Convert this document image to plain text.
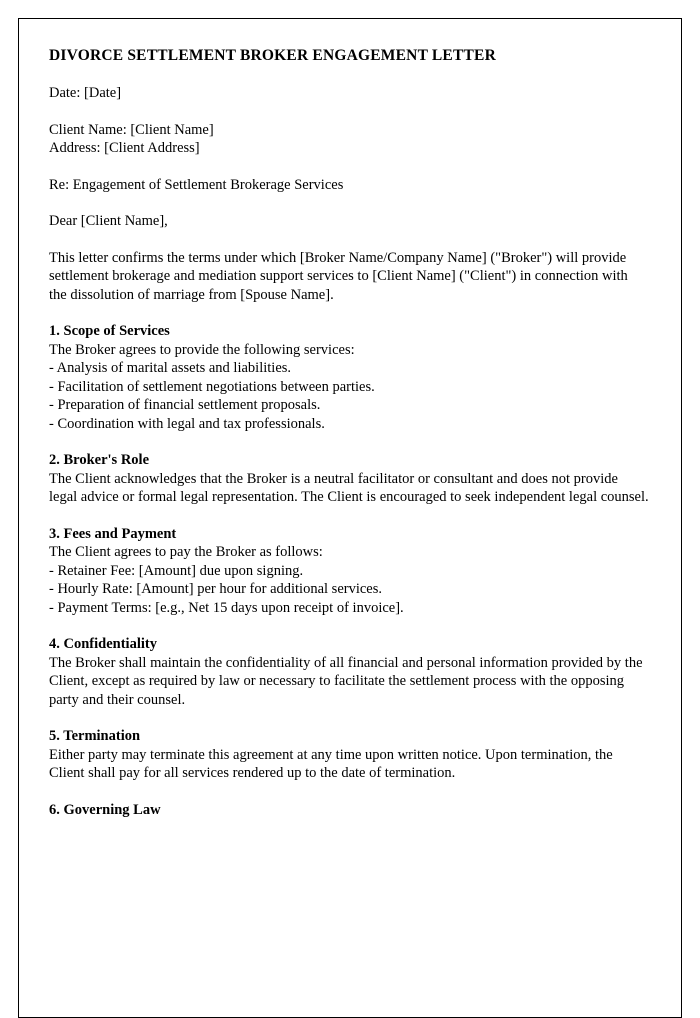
DIVORCE SETTLEMENT BROKER ENGAGEMENT LETTER

Date: [Date]

Client Name: [Client Name]

Address: [Client Address]

Re: Engagement of Settlement Brokerage Services

Dear [Client Name],

This letter confirms the terms under which [Broker Name/Company Name] ("Broker") will provide settlement brokerage and mediation support services to [Client Name] ("Client") in connection with the dissolution of marriage from [Spouse Name].

1. Scope of Services

The Broker agrees to provide the following services:

- Analysis of marital assets and liabilities.

- Facilitation of settlement negotiations between parties.

- Preparation of financial settlement proposals.

- Coordination with legal and tax professionals.

2. Broker's Role

The Client acknowledges that the Broker is a neutral facilitator or consultant and does not provide legal advice or formal legal representation. The Client is encouraged to seek independent legal counsel.

3. Fees and Payment

The Client agrees to pay the Broker as follows:

- Retainer Fee: [Amount] due upon signing.

- Hourly Rate: [Amount] per hour for additional services.

- Payment Terms: [e.g., Net 15 days upon receipt of invoice].

4. Confidentiality

The Broker shall maintain the confidentiality of all financial and personal information provided by the Client, except as required by law or necessary to facilitate the settlement process with the opposing party and their counsel.

5. Termination

Either party may terminate this agreement at any time upon written notice. Upon termination, the Client shall pay for all services rendered up to the date of termination.

6. Governing Law
